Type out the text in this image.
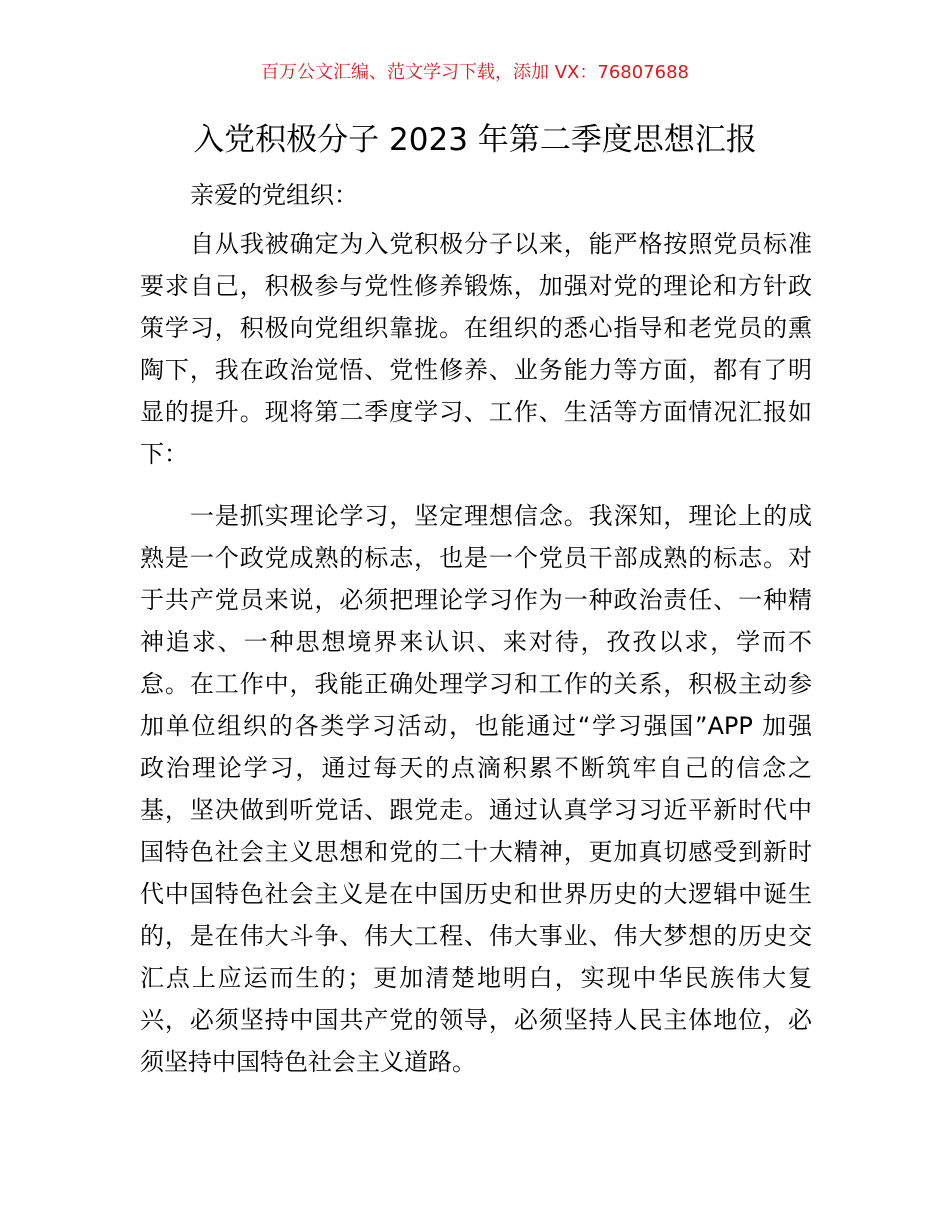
百万公文汇编、范文学习下载，添加 VX：76807688
入党积极分子 2023 年第二季度思想汇报
亲爱的党组织：
自从我被确定为入党积极分子以来，能严格按照党员标准
要求自己，积极参与党性修养锻炼，加强对党的理论和方针政
策学习，积极向党组织靠拢。在组织的悉心指导和老党员的熏
陶下，我在政治觉悟、党性修养、业务能力等方面，都有了明
显的提升。现将第二季度学习、工作、生活等方面情况汇报如
下：
一是抓实理论学习，坚定理想信念。我深知，理论上的成
熟是一个政党成熟的标志，也是一个党员干部成熟的标志。对
于共产党员来说，必须把理论学习作为一种政治责任、一种精
神追求、一种思想境界来认识、来对待，孜孜以求，学而不
怠。在工作中，我能正确处理学习和工作的关系，积极主动参
加单位组织的各类学习活动，也能通过“学习强国”APP 加强
政治理论学习，通过每天的点滴积累不断筑牢自己的信念之
基，坚决做到听党话、跟党走。通过认真学习习近平新时代中
国特色社会主义思想和党的二十大精神，更加真切感受到新时
代中国特色社会主义是在中国历史和世界历史的大逻辑中诞生
的，是在伟大斗争、伟大工程、伟大事业、伟大梦想的历史交
汇点上应运而生的；更加清楚地明白，实现中华民族伟大复
兴，必须坚持中国共产党的领导，必须坚持人民主体地位，必
须坚持中国特色社会主义道路。
